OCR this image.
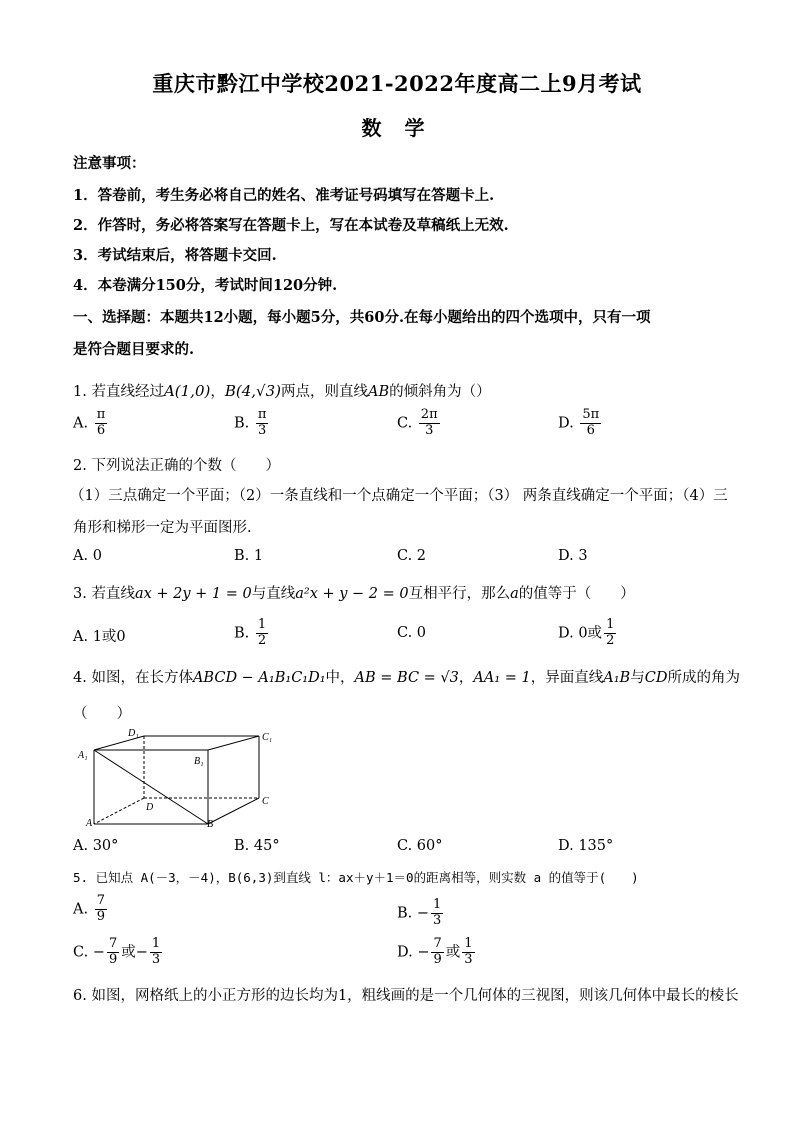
重庆市黔江中学校2021-2022年度高二上9月考试
数 学
注意事项：
1．答卷前，考生务必将自己的姓名、准考证号码填写在答题卡上.
2．作答时，务必将答案写在答题卡上，写在本试卷及草稿纸上无效.
3．考试结束后，将答题卡交回.
4．本卷满分150分，考试时间120分钟.
一、选择题：本题共12小题，每小题5分，共60分.在每小题给出的四个选项中，只有一项
是符合题目要求的.
1. 若直线经过A(1,0)，B(4,√3)两点，则直线AB的倾斜角为（）
A. $\frac{\pi}{6}$	B. $\frac{\pi}{3}$	C. $\frac{2\pi}{3}$	D. $\frac{5\pi}{6}$
2. 下列说法正确的个数（　　）
（1）三点确定一个平面；（2）一条直线和一个点确定一个平面；（3） 两条直线确定一个平面；（4）三
角形和梯形一定为平面图形.
A. 0	B. 1	C. 2	D. 3
3. 若直线ax + 2y + 1 = 0与直线a²x + y − 2 = 0互相平行，那么a的值等于（　　）
A. 1或0	B. $\frac{1}{2}$	C. 0	D. 0或 $\frac{1}{2}$
4. 如图，在长方体ABCD − A₁B₁C₁D₁中，AB = BC = √3，AA₁ = 1，异面直线A₁B与CD所成的角为
（　　）
D₁	C₁
A₁
B₁
D
C
A	B
A. 30°	B. 45°	C. 60°	D. 135°
5. 已知点 A(－3，－4)，B(6,3)到直线 l：ax＋y＋1＝0的距离相等，则实数 a 的值等于(　　)
A. $\frac{7}{9}$	B. − $\frac{1}{3}$
C. − $\frac{7}{9}$ 或− $\frac{1}{3}$	D. − $\frac{7}{9}$ 或 $\frac{1}{3}$
6. 如图，网格纸上的小正方形的边长均为1，粗线画的是一个几何体的三视图，则该几何体中最长的棱长
